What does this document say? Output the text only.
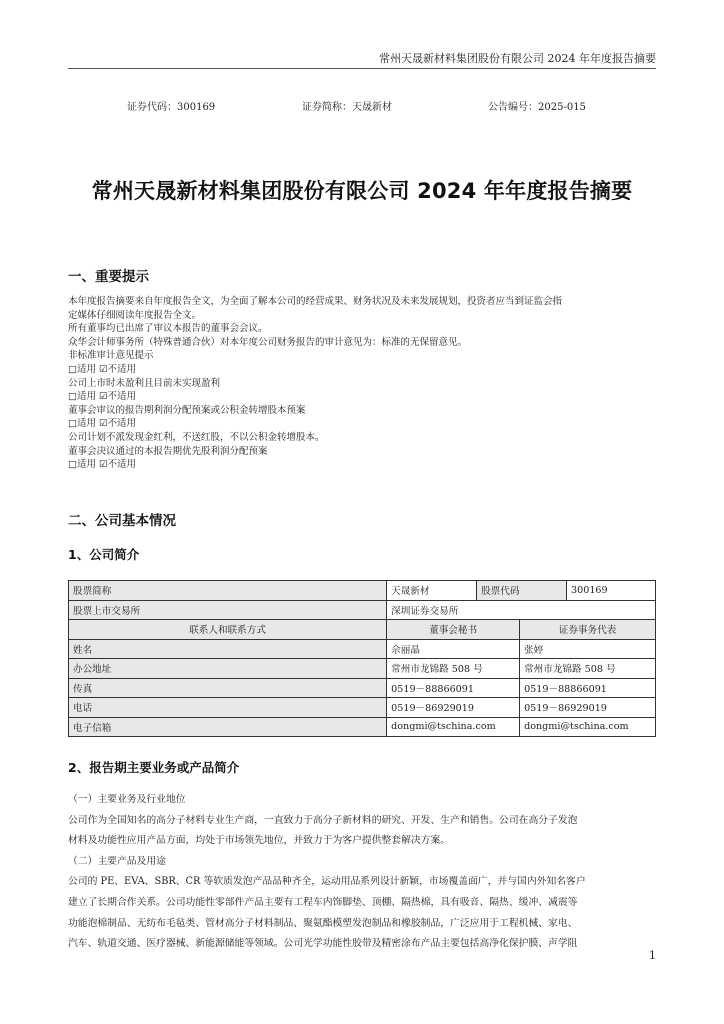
常州天晟新材料集团股份有限公司 2024 年年度报告摘要
证券代码：300169	证券简称：天晟新材	公告编号：2025-015
常州天晟新材料集团股份有限公司 2024 年年度报告摘要
一、重要提示
本年度报告摘要来自年度报告全文，为全面了解本公司的经营成果、财务状况及未来发展规划，投资者应当到证监会指
定媒体仔细阅读年度报告全文。
所有董事均已出席了审议本报告的董事会会议。
众华会计师事务所（特殊普通合伙）对本年度公司财务报告的审计意见为：标准的无保留意见。
非标准审计意见提示
□适用 ☑不适用
公司上市时未盈利且目前未实现盈利
□适用 ☑不适用
董事会审议的报告期利润分配预案或公积金转增股本预案
□适用 ☑不适用
公司计划不派发现金红利，不送红股，不以公积金转增股本。
董事会决议通过的本报告期优先股利润分配预案
□适用 ☑不适用
二、公司基本情况
1、公司简介
股票简称	天晟新材	股票代码		300169
股票上市交易所	深圳证券交易所			
联系人和联系方式	董事会秘书		证券事务代表	
姓名	佘丽晶		张婷	
办公地址	常州市龙锦路 508 号		常州市龙锦路 508 号	
传真	0519－88866091		0519－88866091	
电话	0519－86929019		0519－86929019	
电子信箱	dongmi@tschina.com		dongmi@tschina.com	
2、报告期主要业务或产品简介
（一）主要业务及行业地位
公司作为全国知名的高分子材料专业生产商，一直致力于高分子新材料的研究、开发、生产和销售。公司在高分子发泡
材料及功能性应用产品方面，均处于市场领先地位，并致力于为客户提供整套解决方案。
（二）主要产品及用途
公司的 PE、EVA、SBR、CR 等软质发泡产品品种齐全，运动用品系列设计新颖，市场覆盖面广，并与国内外知名客户
建立了长期合作关系。公司功能性零部件产品主要有工程车内饰脚垫、顶棚、隔热棉，具有吸音、隔热、缓冲、减震等
功能泡棉制品、无纺布毛毡类、管材高分子材料制品、聚氨酯模塑发泡制品和橡胶制品，广泛应用于工程机械、家电、
汽车、轨道交通、医疗器械、新能源储能等领域。公司光学功能性胶带及精密涂布产品主要包括高净化保护膜、声学阻
1
